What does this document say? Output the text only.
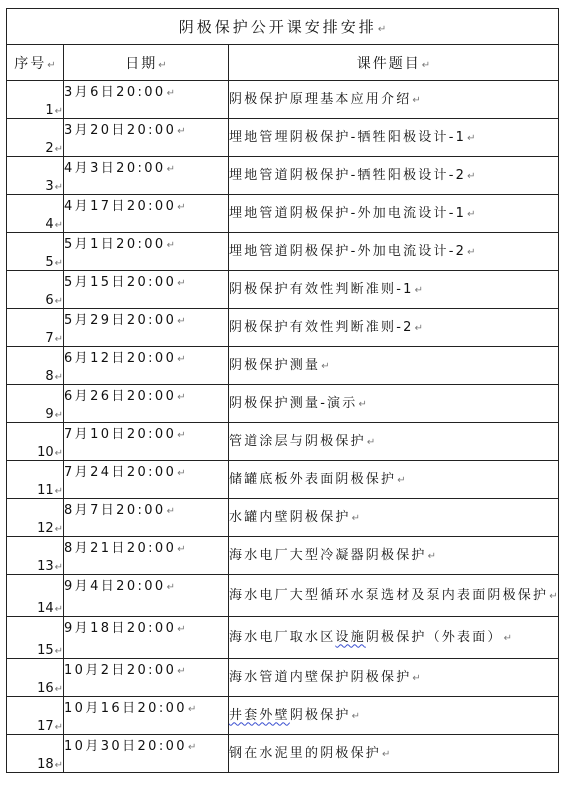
阴极保护公开课安排安排↵		
序号↵	日期↵	课件题目↵
1↵	3月6日20:00↵	阴极保护原理基本应用介绍↵
2↵	3月20日20:00↵	埋地管埋阴极保护-牺牲阳极设计-1↵
3↵	4月3日20:00↵	埋地管道阴极保护-牺牲阳极设计-2↵
4↵	4月17日20:00↵	埋地管道阴极保护-外加电流设计-1↵
5↵	5月1日20:00↵	埋地管道阴极保护-外加电流设计-2↵
6↵	5月15日20:00↵	阴极保护有效性判断准则-1↵
7↵	5月29日20:00↵	阴极保护有效性判断准则-2↵
8↵	6月12日20:00↵	阴极保护测量↵
9↵	6月26日20:00↵	阴极保护测量-演示↵
10↵	7月10日20:00↵	管道涂层与阴极保护↵
11↵	7月24日20:00↵	储罐底板外表面阴极保护↵
12↵	8月7日20:00↵	水罐内壁阴极保护↵
13↵	8月21日20:00↵	海水电厂大型冷凝器阴极保护↵
14↵	9月4日20:00↵	海水电厂大型循环水泵选材及泵内表面阴极保护↵
15↵	9月18日20:00↵	海水电厂取水区设施阴极保护（外表面）↵
16↵	10月2日20:00↵	海水管道内壁保护阴极保护↵
17↵	10月16日20:00↵	井套外壁阴极保护↵
18↵	10月30日20:00↵	钢在水泥里的阴极保护↵
